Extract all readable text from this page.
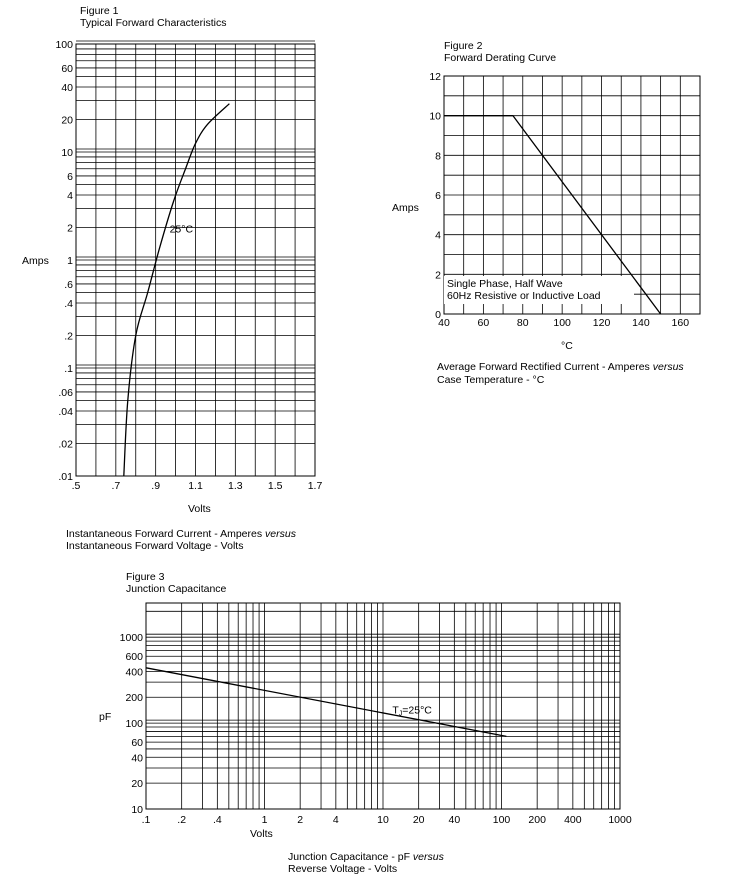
Figure 1
Typical Forward Characteristics
.5	.7	.9	1.1 1.3 1.5 1.7
.01
.02
.04
.06
.1
.2
.4
.6
1
2
4
6
10
20
40
60
100
25°C
Amps
Volts
Instantaneous Forward Current - Amperes versus
Instantaneous Forward Voltage - Volts
Figure 2
Forward Derating Curve
40	60	80 100 120 140 160
0
2
4
6
8
10
12
Single Phase, Half Wave
60Hz Resistive or Inductive Load
Amps
°C
Average Forward Rectified Current - Amperes versus
Case Temperature - °C
Figure 3
Junction Capacitance
.1	.2	.4	1	2	4	10 20 40	100 200 400	1000
10
20
40
60
100
200
400
600
1000
TJ=25°C
pF
Volts
Junction Capacitance - pF versus
Reverse Voltage - Volts
